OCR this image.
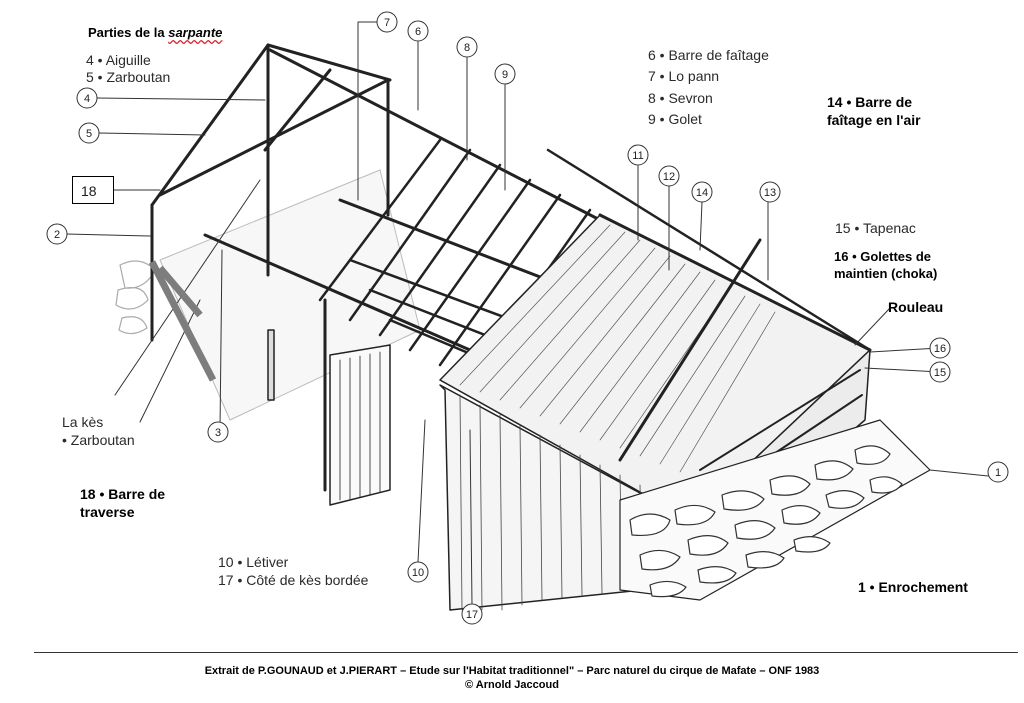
7
6
8
9
4
5
2
11
12
14	13
16
15
1
3
10
17
Parties de la sarpante
4 • Aiguille
5 • Zarboutan
6 • Barre de faîtage
7 • Lo pann
8 • Sevron
9 • Golet
14 • Barre de
faîtage en l'air
15 • Tapenac
16 • Golettes de
maintien (choka)
Rouleau
18
La kès
• Zarboutan
18 • Barre de
traverse
10 • Létiver
17 • Côté de kès bordée	1 • Enrochement
Extrait de P.GOUNAUD et J.PIERART – Etude sur l'Habitat traditionnel" – Parc naturel du cirque de Mafate – ONF 1983
© Arnold Jaccoud
